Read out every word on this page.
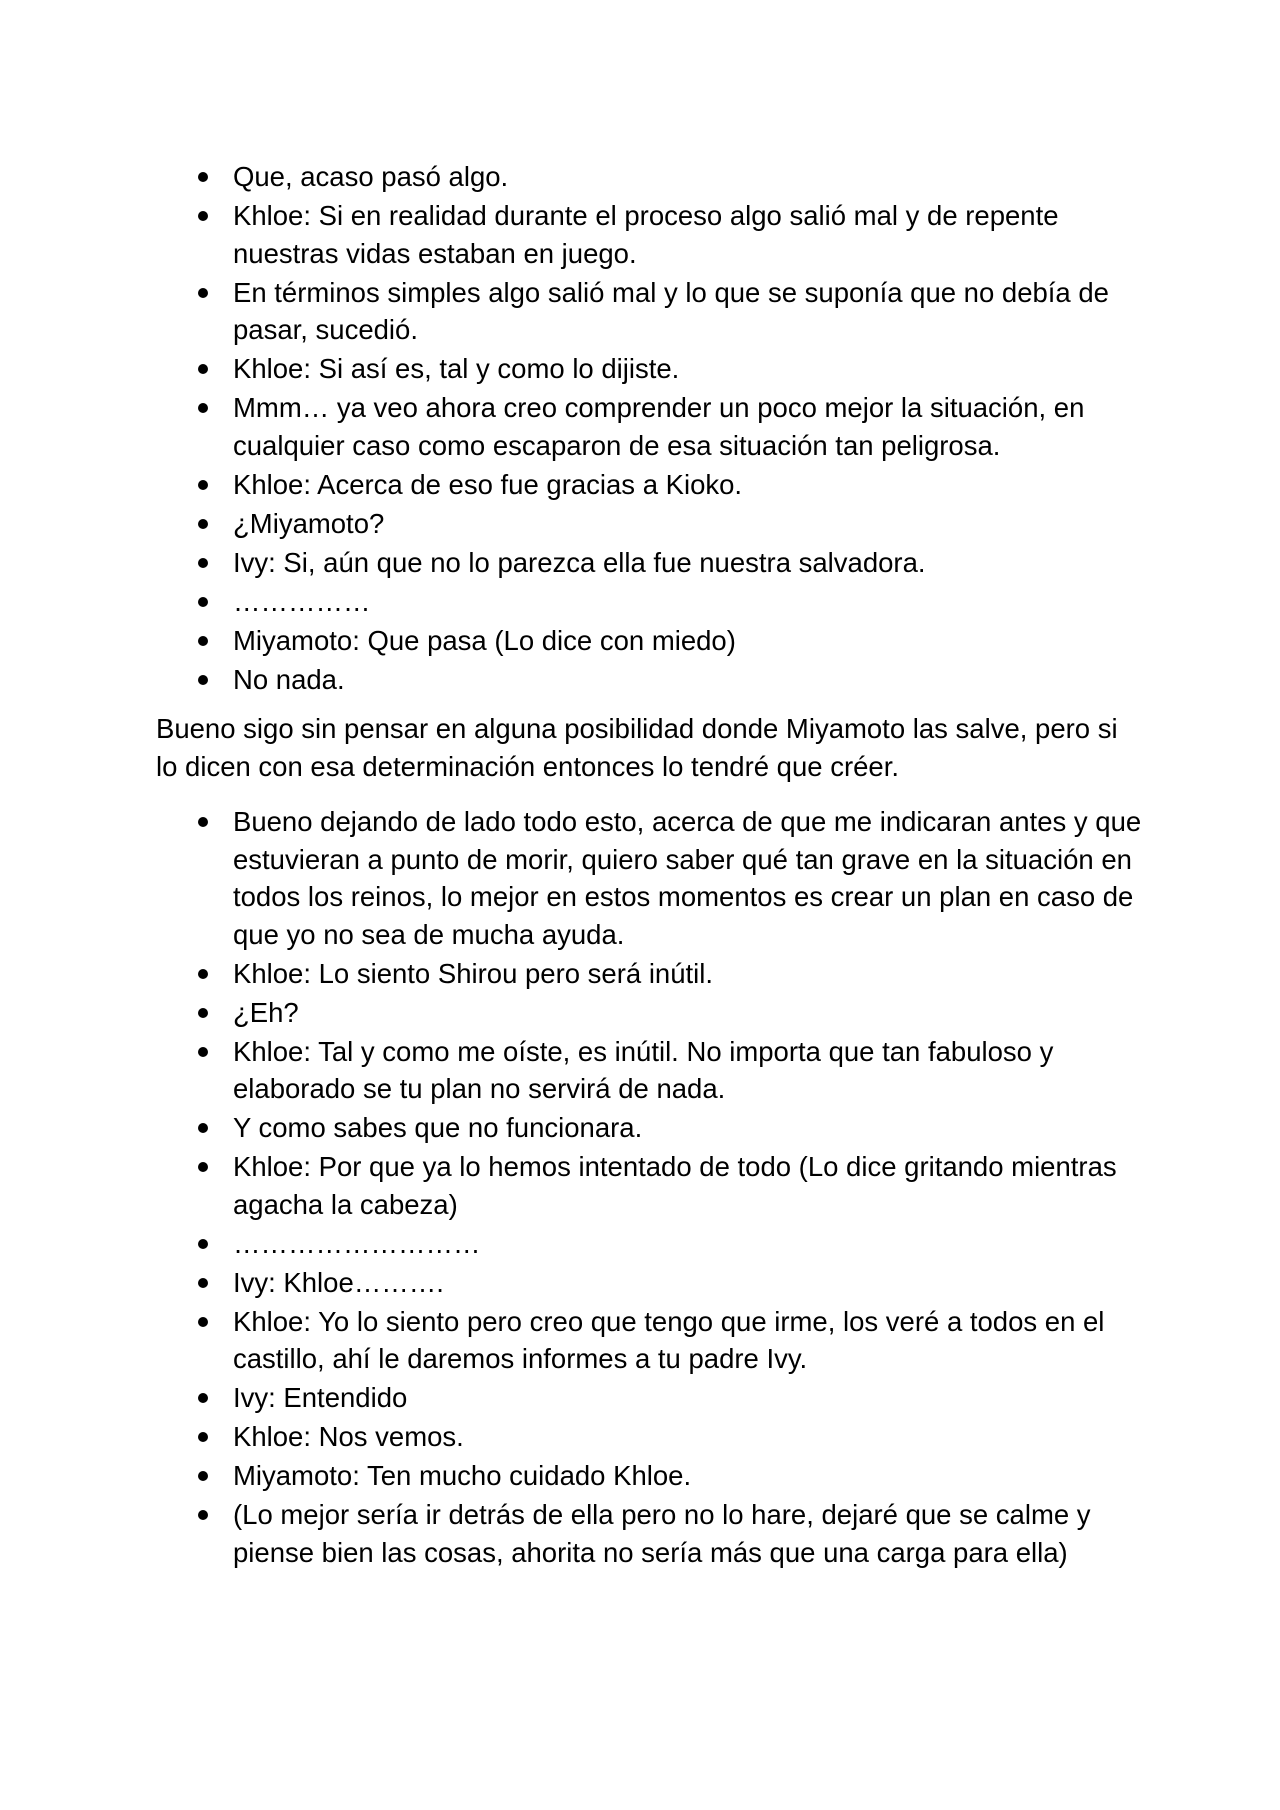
Que, acaso pasó algo.
Khloe: Si en realidad durante el proceso algo salió mal y de repente nuestras vidas estaban en juego.
En términos simples algo salió mal y lo que se suponía que no debía de pasar, sucedió.
Khloe: Si así es, tal y como lo dijiste.
Mmm… ya veo ahora creo comprender un poco mejor la situación, en cualquier caso como escaparon de esa situación tan peligrosa.
Khloe: Acerca de eso fue gracias a Kioko.
¿Miyamoto?
Ivy: Si, aún que no lo parezca ella fue nuestra salvadora.
……………
Miyamoto: Que pasa (Lo dice con miedo)
No nada.

Bueno sigo sin pensar en alguna posibilidad donde Miyamoto las salve, pero si lo dicen con esa determinación entonces lo tendré que créer.

Bueno dejando de lado todo esto, acerca de que me indicaran antes y que estuvieran a punto de morir, quiero saber qué tan grave en la situación en todos los reinos, lo mejor en estos momentos es crear un plan en caso de que yo no sea de mucha ayuda.
Khloe: Lo siento Shirou pero será inútil.
¿Eh?
Khloe: Tal y como me oíste, es inútil. No importa que tan fabuloso y elaborado se tu plan no servirá de nada.
Y como sabes que no funcionara.
Khloe: Por que ya lo hemos intentado de todo (Lo dice gritando mientras agacha la cabeza)
………………………
Ivy: Khloe……….
Khloe: Yo lo siento pero creo que tengo que irme, los veré a todos en el castillo, ahí le daremos informes a tu padre Ivy.
Ivy: Entendido
Khloe: Nos vemos.
Miyamoto: Ten mucho cuidado Khloe.
(Lo mejor sería ir detrás de ella pero no lo hare, dejaré que se calme y piense bien las cosas, ahorita no sería más que una carga para ella)
